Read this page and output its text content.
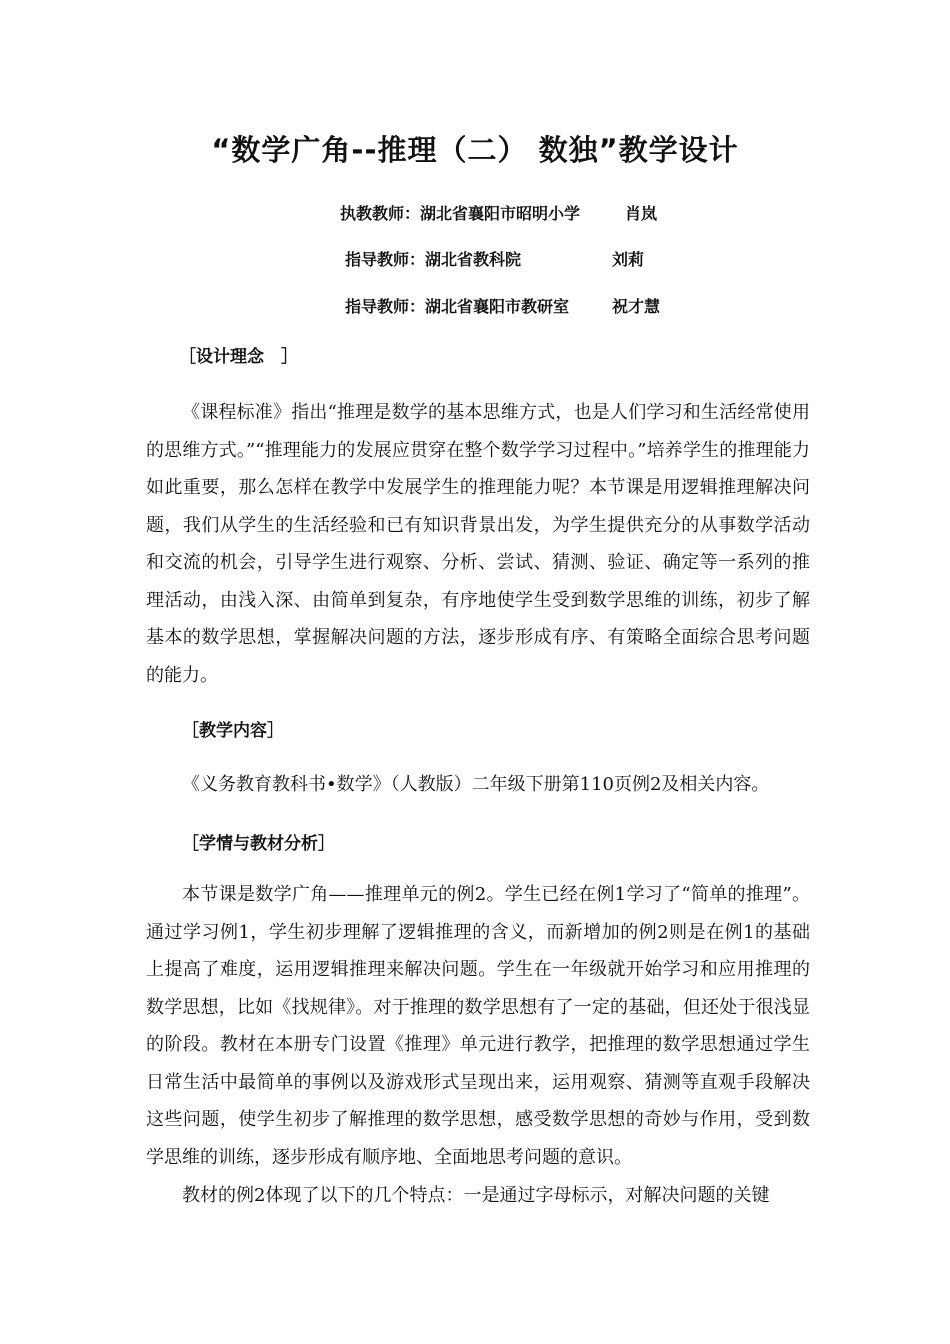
“数学广角--推理（二） 数独”教学设计
执教教师：湖北省襄阳市昭明小学	肖岚
指导教师：湖北省教科院	刘莉
指导教师：湖北省襄阳市教研室	祝才慧
［设计理念　］

《课程标准》指出“推理是数学的基本思维方式，也是人们学习和生活经常使用的思维方式。”“推理能力的发展应贯穿在整个数学学习过程中。”培养学生的推理能力如此重要，那么怎样在教学中发展学生的推理能力呢？本节课是用逻辑推理解决问题，我们从学生的生活经验和已有知识背景出发，为学生提供充分的从事数学活动和交流的机会，引导学生进行观察、分析、尝试、猜测、验证、确定等一系列的推理活动，由浅入深、由简单到复杂，有序地使学生受到数学思维的训练，初步了解基本的数学思想，掌握解决问题的方法，逐步形成有序、有策略全面综合思考问题的能力。

［教学内容］

《义务教育教科书•数学》（人教版）二年级下册第110页例2及相关内容。

［学情与教材分析］

本节课是数学广角——推理单元的例2。学生已经在例1学习了“简单的推理”。通过学习例1，学生初步理解了逻辑推理的含义，而新增加的例2则是在例1的基础上提高了难度，运用逻辑推理来解决问题。学生在一年级就开始学习和应用推理的数学思想，比如《找规律》。对于推理的数学思想有了一定的基础，但还处于很浅显的阶段。教材在本册专门设置《推理》单元进行教学，把推理的数学思想通过学生日常生活中最简单的事例以及游戏形式呈现出来，运用观察、猜测等直观手段解决这些问题，使学生初步了解推理的数学思想，感受数学思想的奇妙与作用，受到数学思维的训练，逐步形成有顺序地、全面地思考问题的意识。

教材的例2体现了以下的几个特点：一是通过字母标示，对解决问题的关键
